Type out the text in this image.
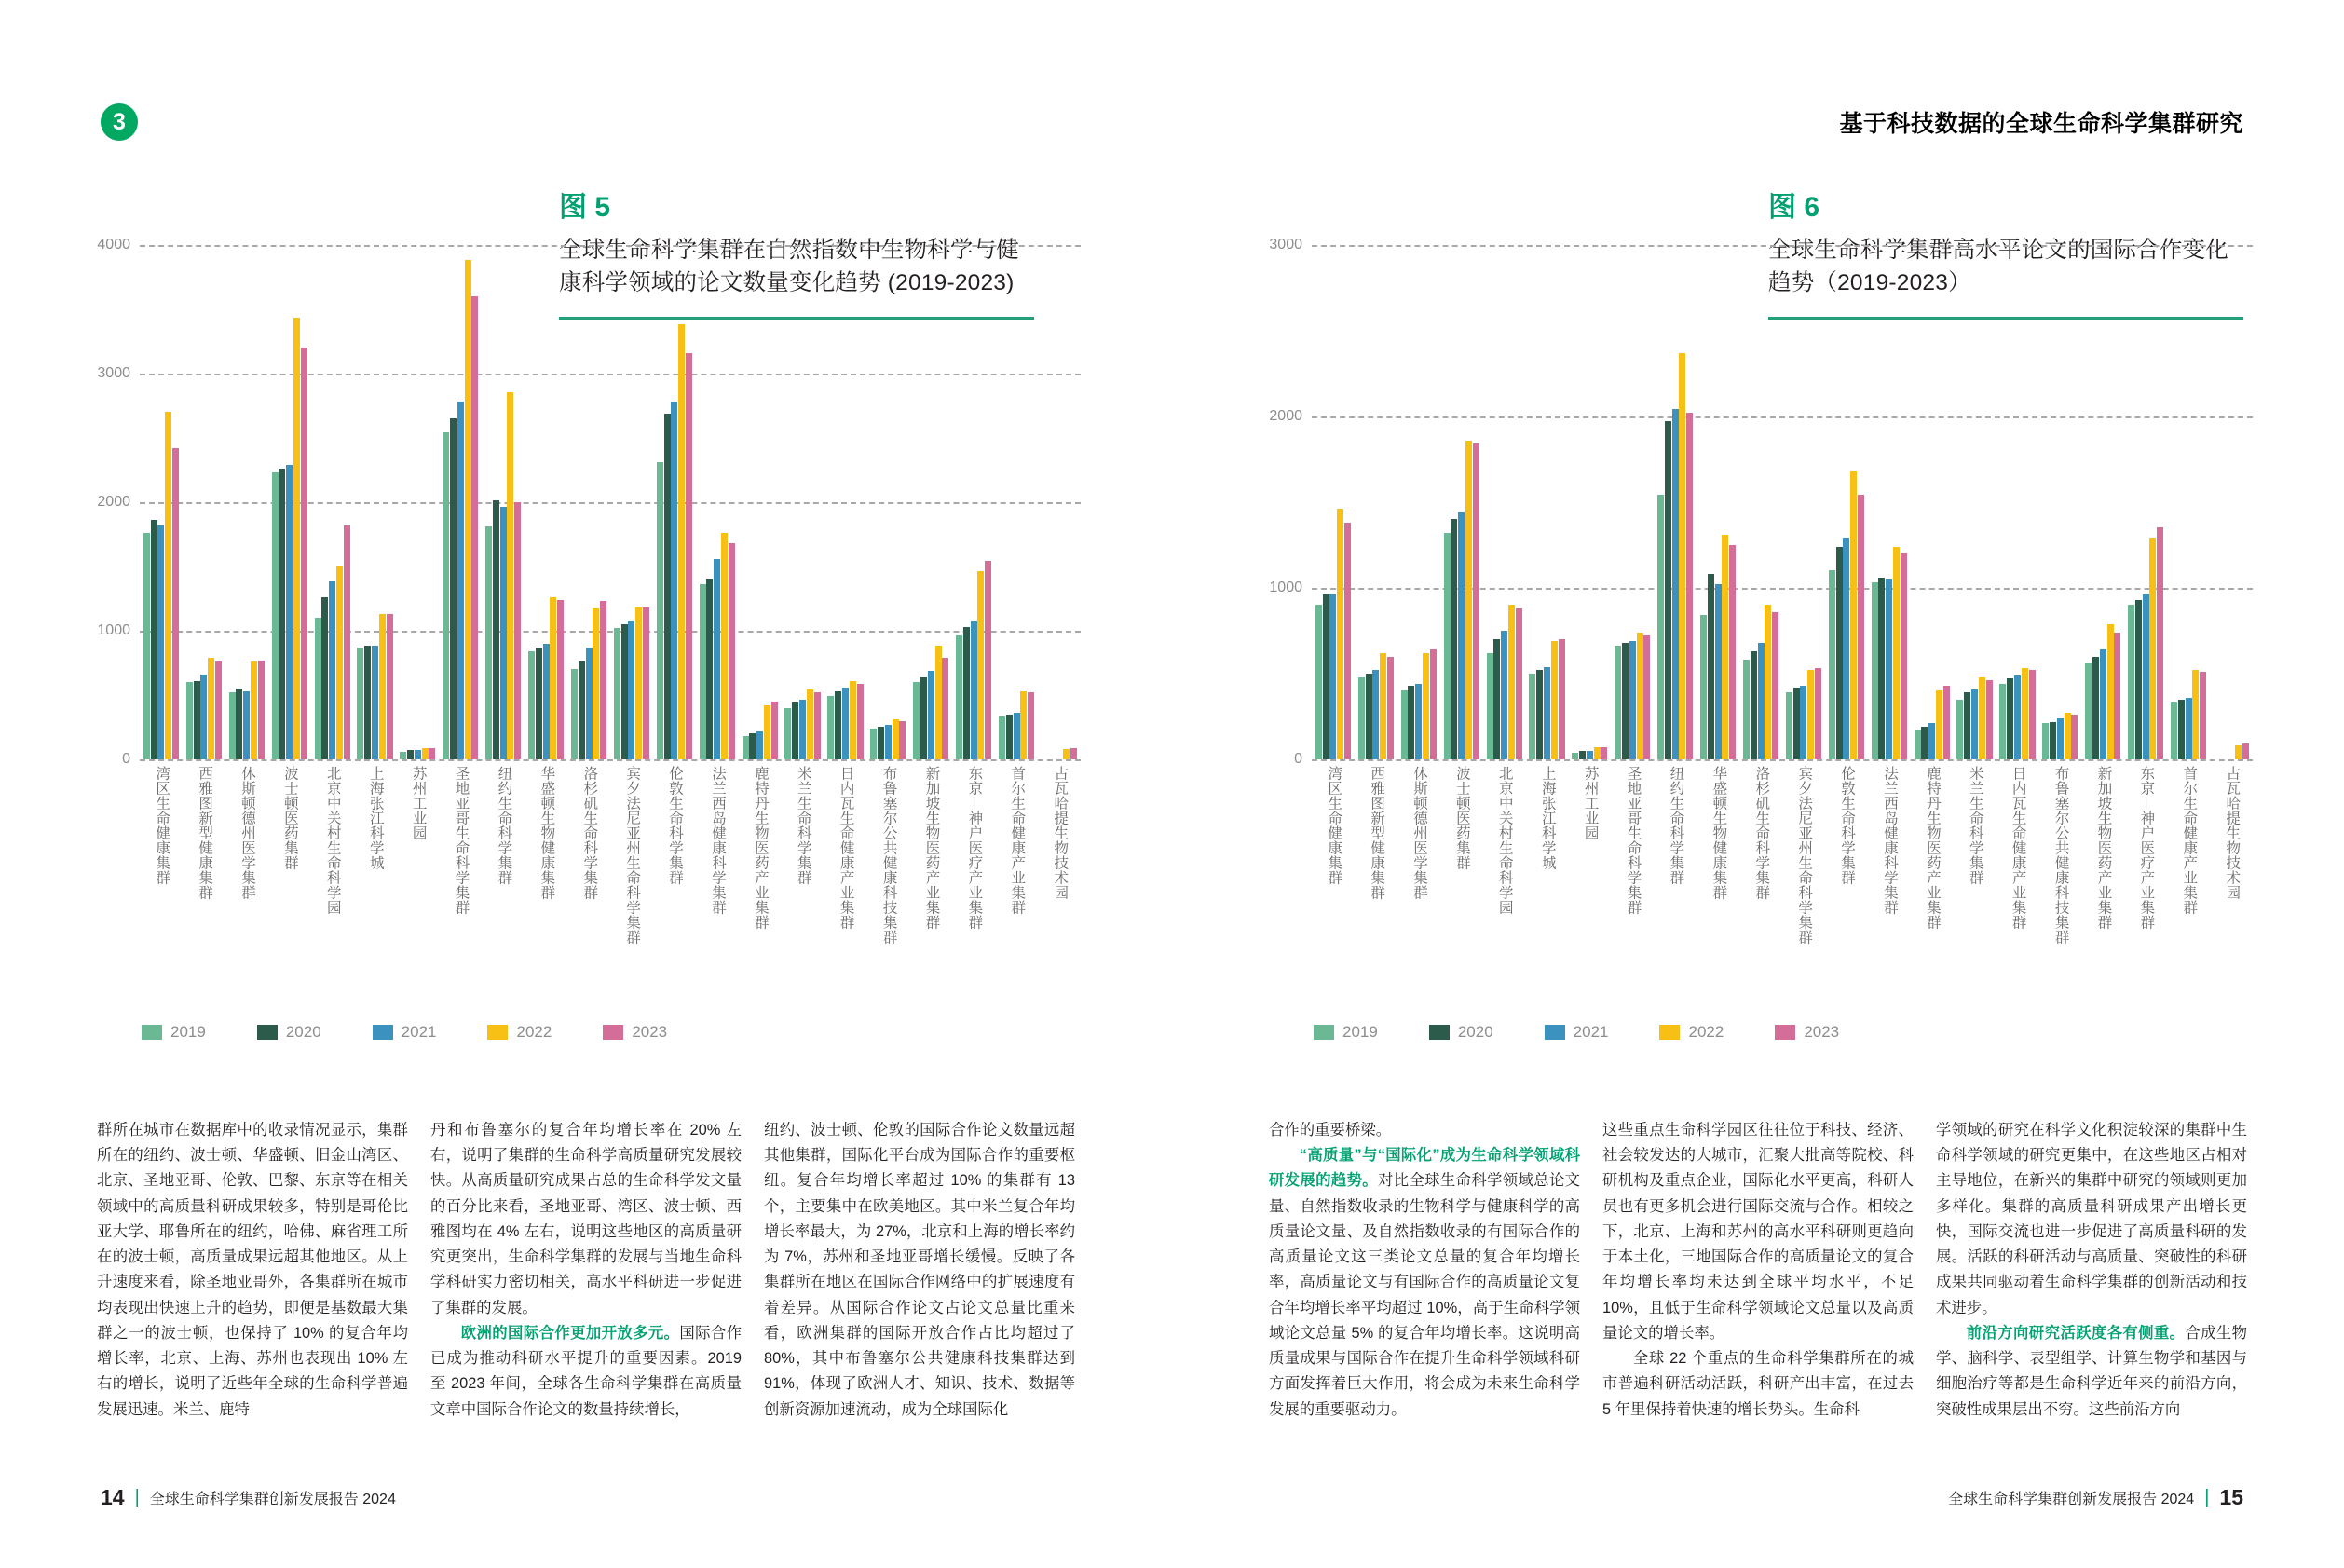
3
图 5
全球生命科学集群在自然指数中生物科学与健康科学领域的论文数量变化趋势 (2019-2023)
0
1000
2000
3000
4000
湾区生命健康集群 西雅图新型健康集群 休斯顿德州医学集群 波士顿医药集群 北京中关村生命科学园 上海张江科学城 苏州工业园 圣地亚哥生命科学集群 纽约生命科学集群 华盛顿生物健康集群 洛杉矶生命科学集群 宾夕法尼亚州生命科学集群 伦敦生命科学集群 法兰西岛健康科学集群 鹿特丹生物医药产业集群 米兰生命科学集群 日内瓦生命健康产业集群 布鲁塞尔公共健康科技集群 新加坡生物医药产业集群 东京—神户医疗产业集群 首尔生命健康产业集群 古瓦哈提生物技术园
2019	2020	2021	2022	2023

群所在城市在数据库中的收录情况显示，集群所在的纽约、波士顿、华盛顿、旧金山湾区、北京、圣地亚哥、伦敦、巴黎、东京等在相关领域中的高质量科研成果较多，特别是哥伦比亚大学、耶鲁所在的纽约，哈佛、麻省理工所在的波士顿，高质量成果远超其他地区。从上升速度来看，除圣地亚哥外，各集群所在城市均表现出快速上升的趋势，即便是基数最大集群之一的波士顿，也保持了 10% 的复合年均增长率，北京、上海、苏州也表现出 10% 左右的增长，说明了近些年全球的生命科学普遍发展迅速。米兰、鹿特

丹和布鲁塞尔的复合年均增长率在 20% 左右，说明了集群的生命科学高质量研究发展较快。从高质量研究成果占总的生命科学发文量的百分比来看，圣地亚哥、湾区、波士顿、西雅图均在 4% 左右，说明这些地区的高质量研究更突出，生命科学集群的发展与当地生命科学科研实力密切相关，高水平科研进一步促进了集群的发展。

欧洲的国际合作更加开放多元。国际合作已成为推动科研水平提升的重要因素。2019 至 2023 年间，全球各生命科学集群在高质量文章中国际合作论文的数量持续增长，

纽约、波士顿、伦敦的国际合作论文数量远超其他集群，国际化平台成为国际合作的重要枢纽。复合年均增长率超过 10% 的集群有 13 个，主要集中在欧美地区。其中米兰复合年均增长率最大，为 27%，北京和上海的增长率约为 7%，苏州和圣地亚哥增长缓慢。反映了各集群所在地区在国际合作网络中的扩展速度有着差异。从国际合作论文占论文总量比重来看，欧洲集群的国际开放合作占比均超过了 80%，其中布鲁塞尔公共健康科技集群达到 91%，体现了欧洲人才、知识、技术、数据等创新资源加速流动，成为全球国际化

14 | 全球生命科学集群创新发展报告 2024
基于科技数据的全球生命科学集群研究
图 6
全球生命科学集群高水平论文的国际合作变化趋势（2019-2023）
0
1000
2000
3000
湾区生命健康集群 西雅图新型健康集群 休斯顿德州医学集群 波士顿医药集群 北京中关村生命科学园 上海张江科学城 苏州工业园 圣地亚哥生命科学集群 纽约生命科学集群 华盛顿生物健康集群 洛杉矶生命科学集群 宾夕法尼亚州生命科学集群 伦敦生命科学集群 法兰西岛健康科学集群 鹿特丹生物医药产业集群 米兰生命科学集群 日内瓦生命健康产业集群 布鲁塞尔公共健康科技集群 新加坡生物医药产业集群 东京—神户医疗产业集群 首尔生命健康产业集群 古瓦哈提生物技术园
2019	2020	2021	2022	2023

合作的重要桥梁。

“高质量”与“国际化”成为生命科学领域科研发展的趋势。对比全球生命科学领域总论文量、自然指数收录的生物科学与健康科学的高质量论文量、及自然指数收录的有国际合作的高质量论文这三类论文总量的复合年均增长率，高质量论文与有国际合作的高质量论文复合年均增长率平均超过 10%，高于生命科学领域论文总量 5% 的复合年均增长率。这说明高质量成果与国际合作在提升生命科学领域科研方面发挥着巨大作用，将会成为未来生命科学发展的重要驱动力。

这些重点生命科学园区往往位于科技、经济、社会较发达的大城市，汇聚大批高等院校、科研机构及重点企业，国际化水平更高，科研人员也有更多机会进行国际交流与合作。相较之下，北京、上海和苏州的高水平科研则更趋向于本土化，三地国际合作的高质量论文的复合年均增长率均未达到全球平均水平，不足 10%，且低于生命科学领域论文总量以及高质量论文的增长率。

全球 22 个重点的生命科学集群所在的城市普遍科研活动活跃，科研产出丰富，在过去 5 年里保持着快速的增长势头。生命科

学领域的研究在科学文化积淀较深的集群中生命科学领域的研究更集中，在这些地区占相对主导地位，在新兴的集群中研究的领域则更加多样化。集群的高质量科研成果产出增长更快，国际交流也进一步促进了高质量科研的发展。活跃的科研活动与高质量、突破性的科研成果共同驱动着生命科学集群的创新活动和技术进步。

前沿方向研究活跃度各有侧重。合成生物学、脑科学、表型组学、计算生物学和基因与细胞治疗等都是生命科学近年来的前沿方向，突破性成果层出不穷。这些前沿方向

全球生命科学集群创新发展报告 2024 | 15
